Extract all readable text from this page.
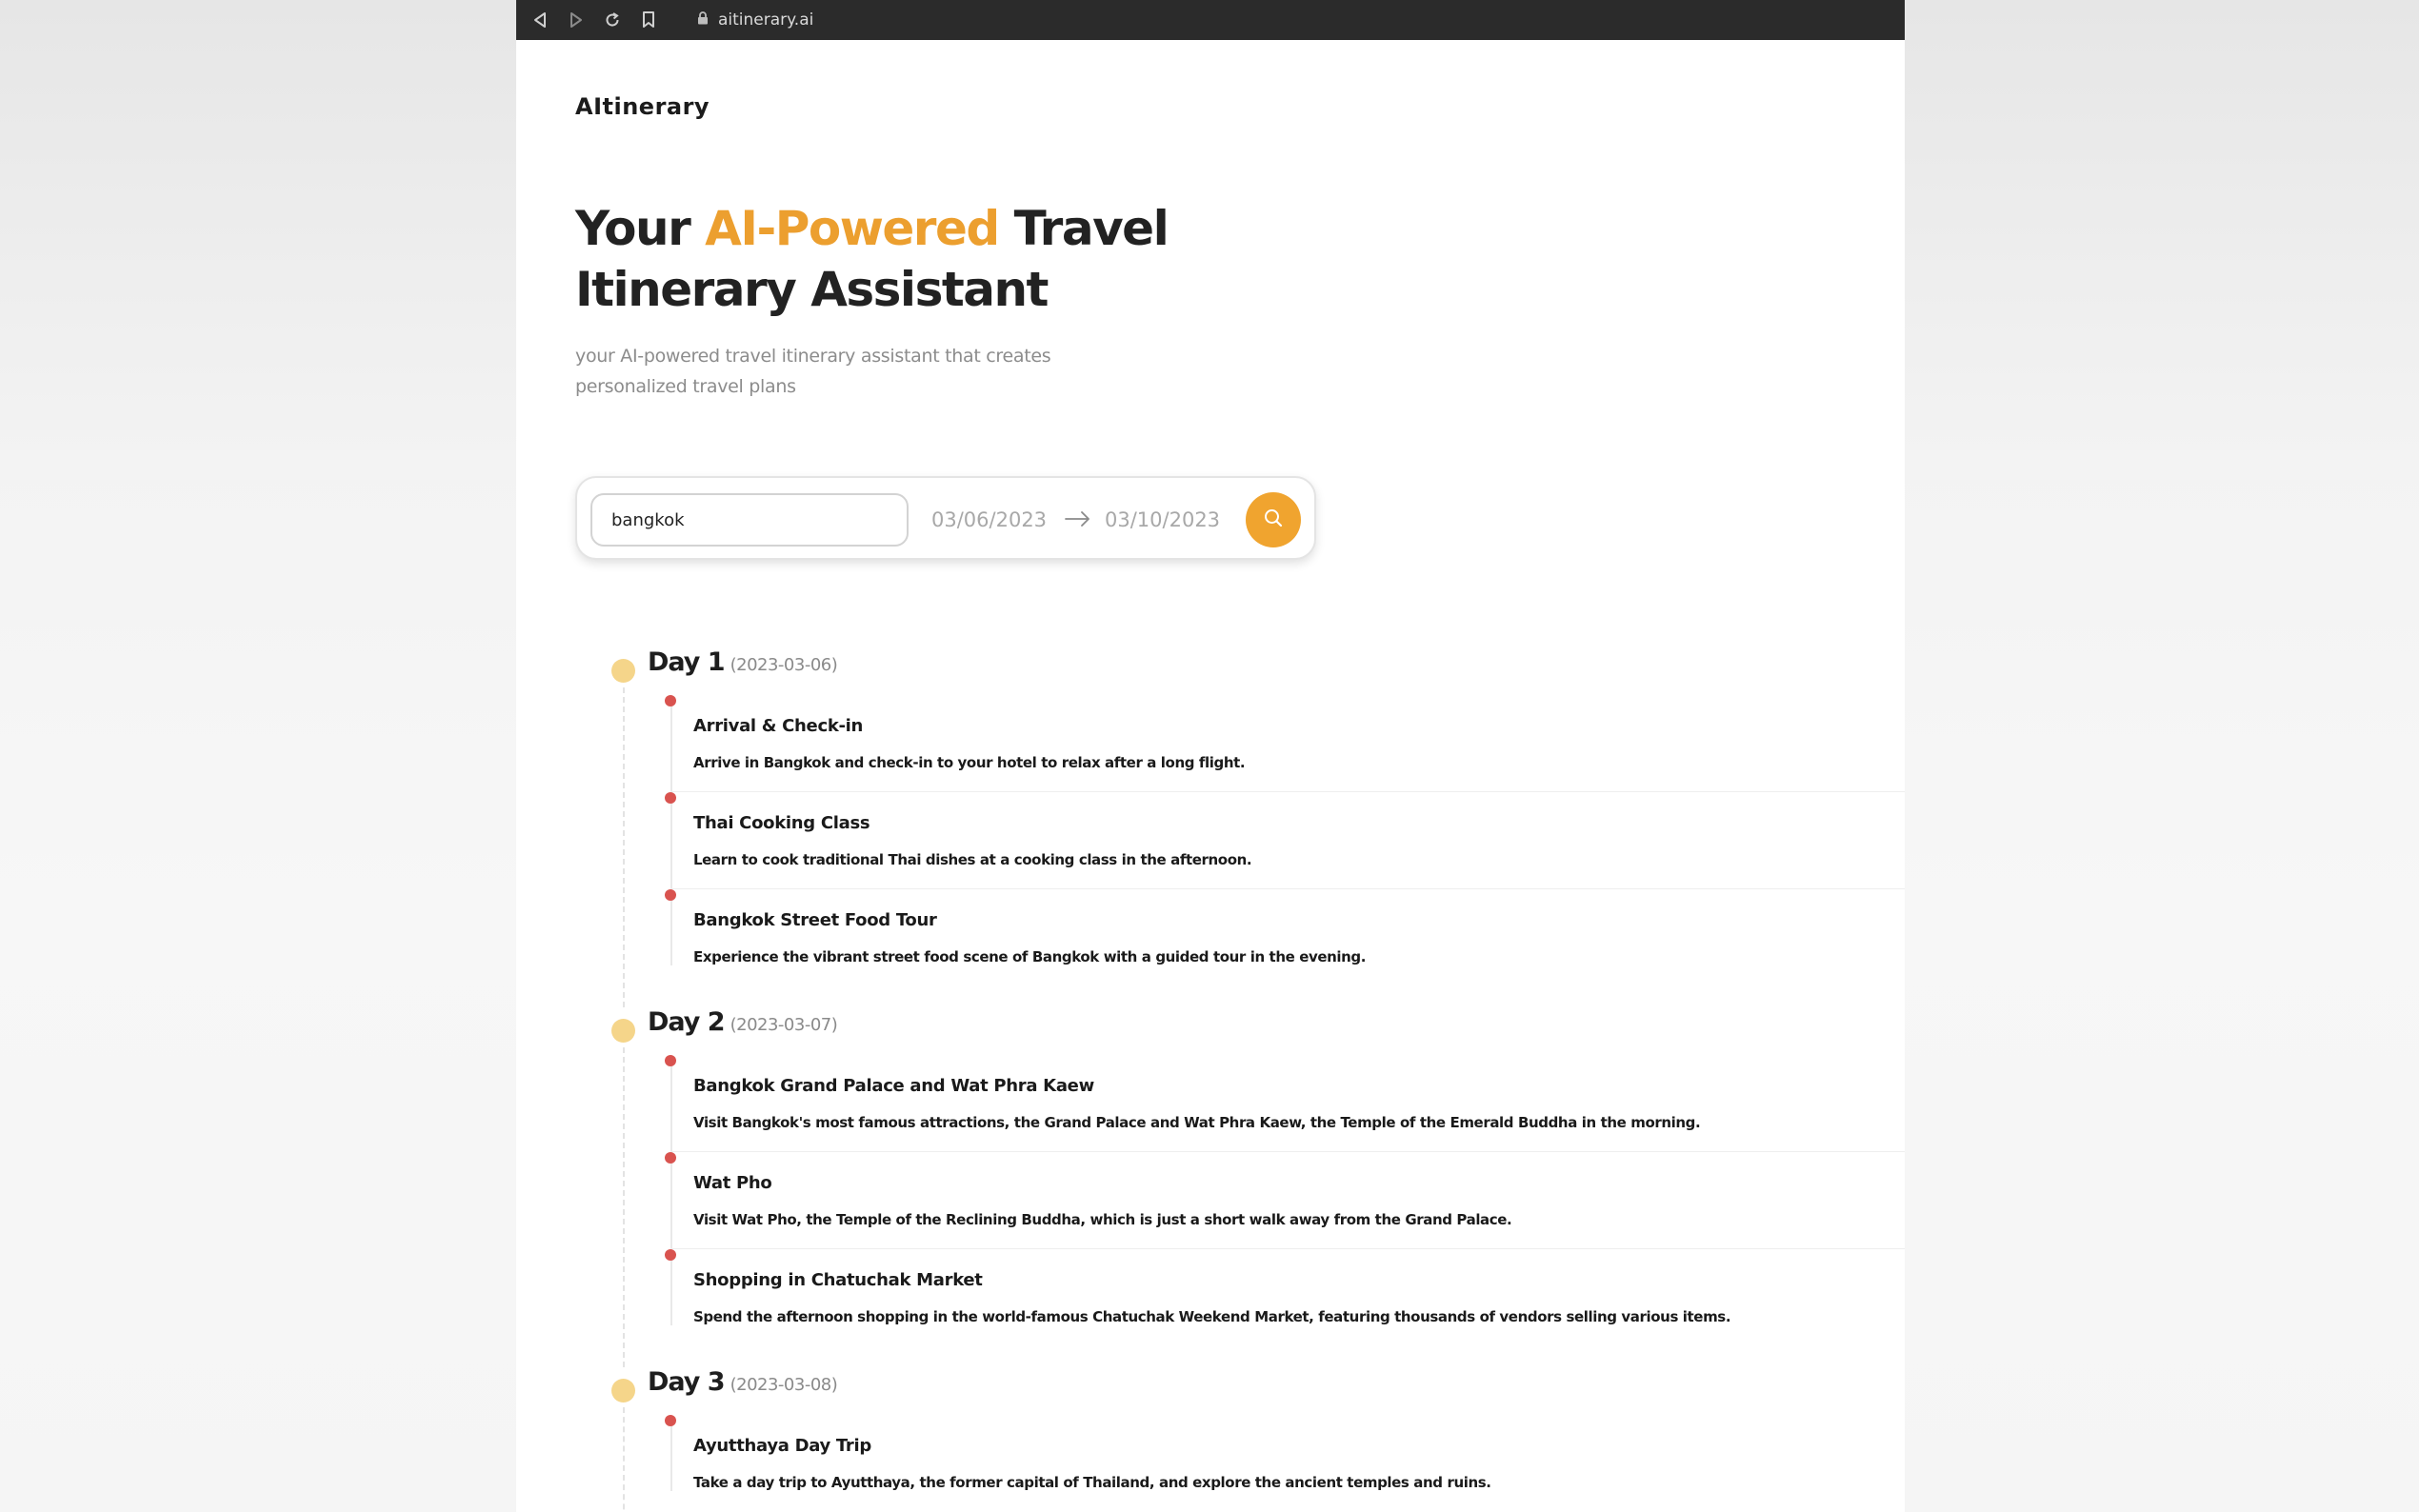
aitinerary.ai
AItinerary
Your AI-Powered Travel Itinerary Assistant

your AI-powered travel itinerary assistant that creates personalized travel plans

bangkok
03/06/2023	03/10/2023
Day 1 (2023-03-06)
Arrival & Check-in
Arrive in Bangkok and check-in to your hotel to relax after a long flight.
Thai Cooking Class
Learn to cook traditional Thai dishes at a cooking class in the afternoon.
Bangkok Street Food Tour
Experience the vibrant street food scene of Bangkok with a guided tour in the evening.
Day 2 (2023-03-07)
Bangkok Grand Palace and Wat Phra Kaew
Visit Bangkok's most famous attractions, the Grand Palace and Wat Phra Kaew, the Temple of the Emerald Buddha in the morning.
Wat Pho
Visit Wat Pho, the Temple of the Reclining Buddha, which is just a short walk away from the Grand Palace.
Shopping in Chatuchak Market
Spend the afternoon shopping in the world-famous Chatuchak Weekend Market, featuring thousands of vendors selling various items.
Day 3 (2023-03-08)
Ayutthaya Day Trip
Take a day trip to Ayutthaya, the former capital of Thailand, and explore the ancient temples and ruins.
